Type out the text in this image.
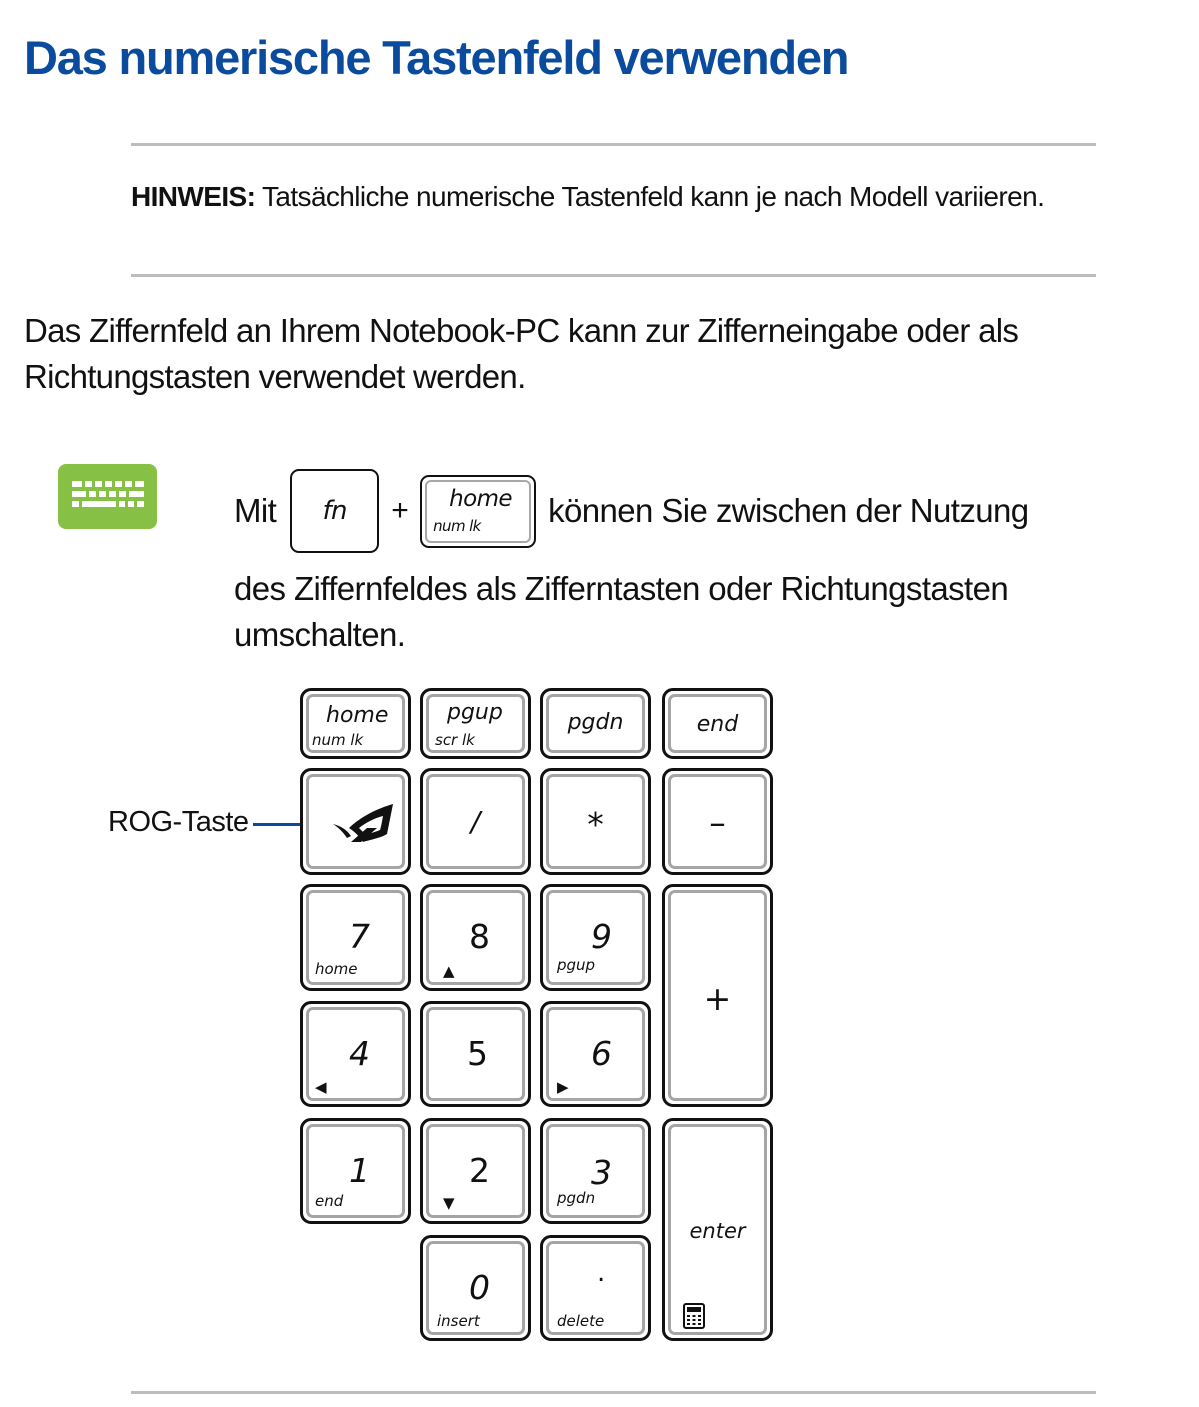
Das numerische Tastenfeld verwenden

HINWEIS: Tatsächliche numerische Tastenfeld kann je nach Modell variieren.

Das Ziffernfeld an Ihrem Notebook-PC kann zur Zifferneingabe oder als Richtungstasten verwendet werden.

Mit fn + home
num lk können Sie zwischen der Nutzung

des Ziffernfeldes als Zifferntasten oder Richtungstasten umschalten.

ROG-Taste
home
num lk
pgup
scr lk
pgdn	end
/	*	–
7
home
8
▲
9
pgup
+
4
◀
5	6
▶
1
end
2
▼
3
pgdn
enter
0
insert
.
delete
